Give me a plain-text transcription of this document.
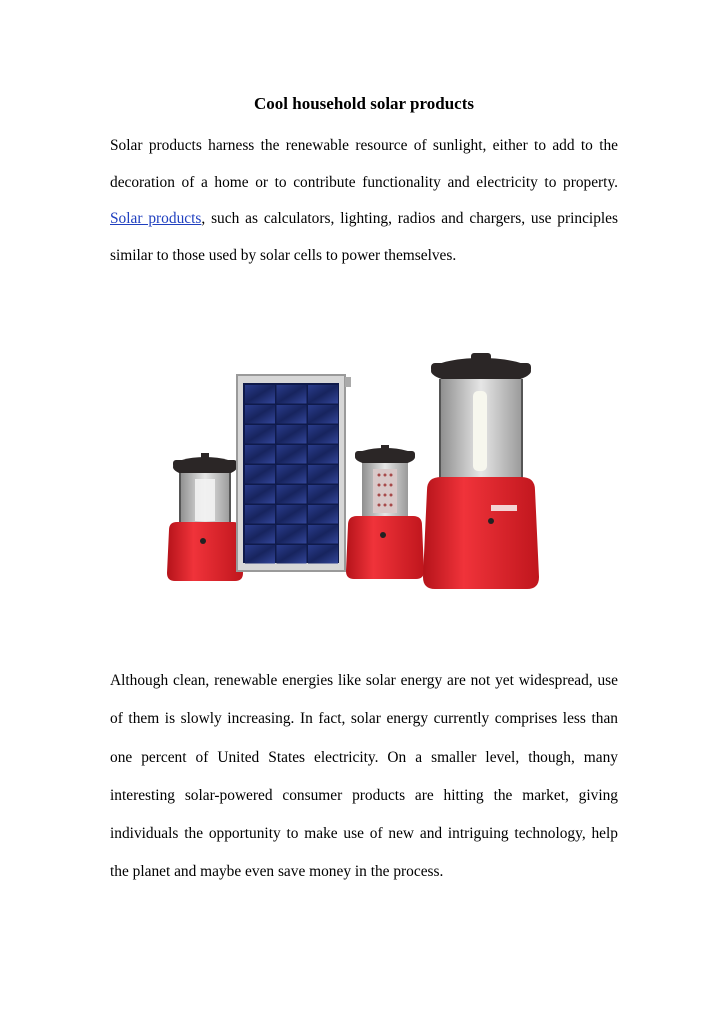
Cool household solar products
Solar products harness the renewable resource of sunlight, either to add to the decoration of a home or to contribute functionality and electricity to property. Solar products, such as calculators, lighting, radios and chargers, use principles similar to those used by solar cells to power themselves.
Although clean, renewable energies like solar energy are not yet widespread, use of them is slowly increasing. In fact, solar energy currently comprises less than one percent of United States electricity. On a smaller level, though, many interesting solar-powered consumer products are hitting the market, giving individuals the opportunity to make use of new and intriguing technology, help the planet and maybe even save money in the process.
